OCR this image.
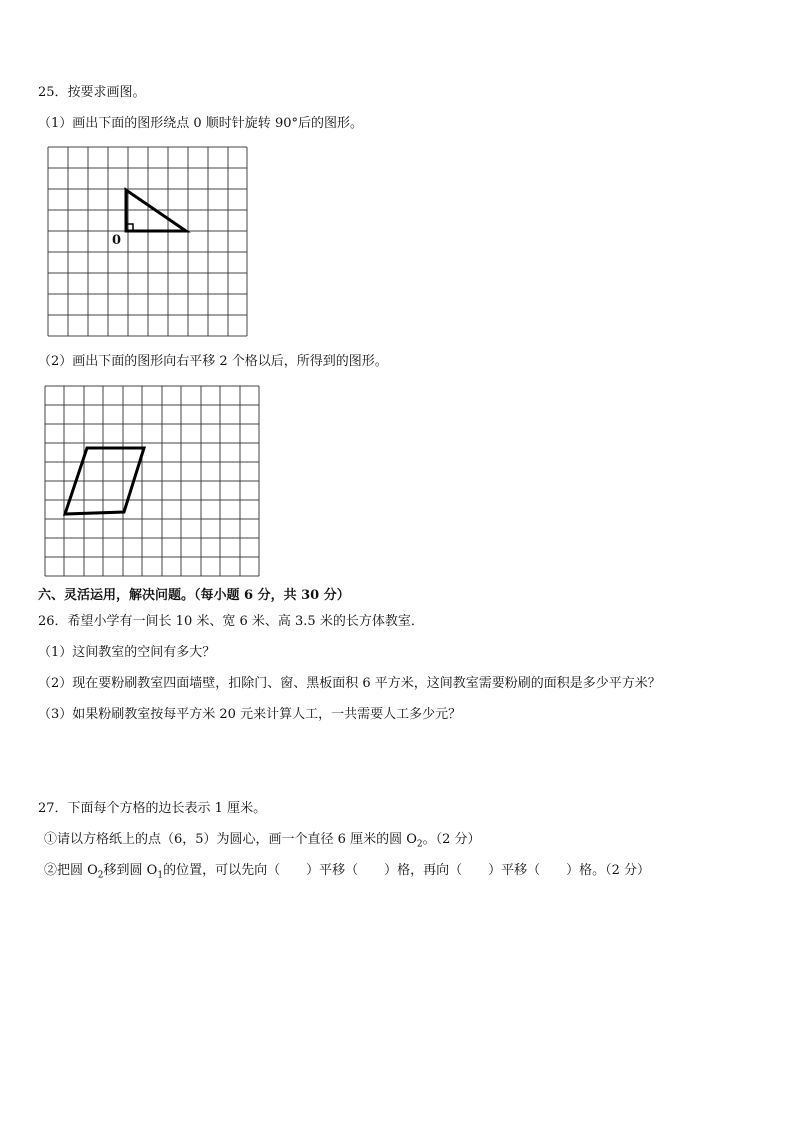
25．按要求画图。
（1）画出下面的图形绕点 0 顺时针旋转 90°后的图形。
0
（2）画出下面的图形向右平移 2 个格以后，所得到的图形。
六、灵活运用，解决问题。（每小题 6 分，共 30 分）
26．希望小学有一间长 10 米、宽 6 米、高 3.5 米的长方体教室．
（1）这间教室的空间有多大？
（2）现在要粉刷教室四面墙壁，扣除门、窗、黑板面积 6 平方米，这间教室需要粉刷的面积是多少平方米？
（3）如果粉刷教室按每平方米 20 元来计算人工，一共需要人工多少元？
27．下面每个方格的边长表示 1 厘米。
①请以方格纸上的点（6，5）为圆心，画一个直径 6 厘米的圆 $O_2$。（2 分）
②把圆 $O_2$移到圆 $O_1$的位置，可以先向（　　）平移（　　）格，再向（　　）平移（　　）格。（2 分）
